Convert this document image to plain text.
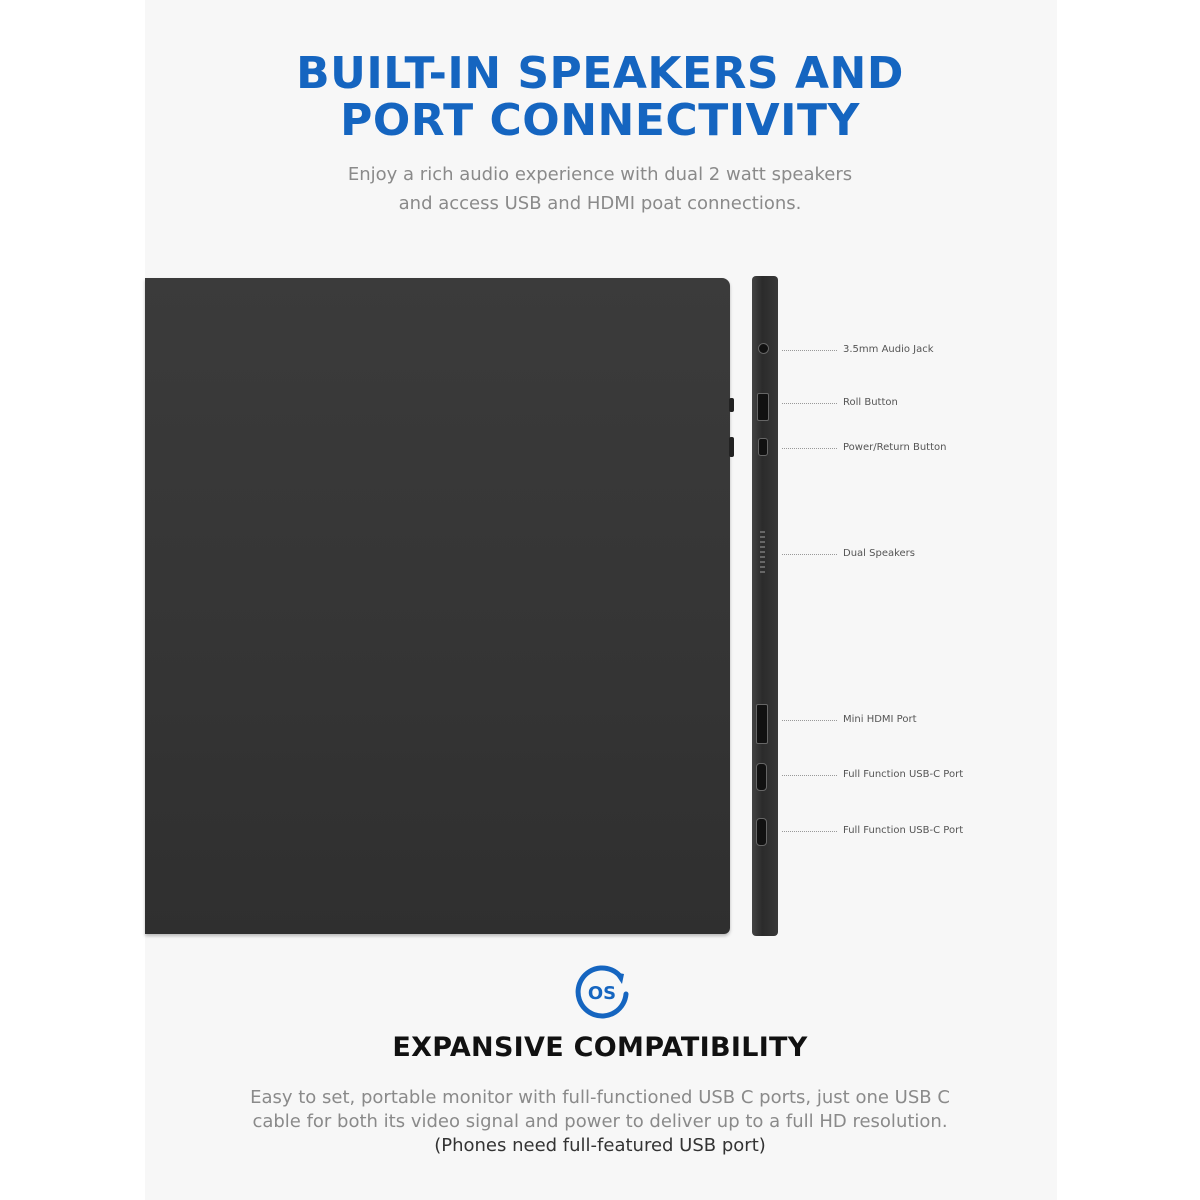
BUILT-IN SPEAKERS AND
PORT CONNECTIVITY
Enjoy a rich audio experience with dual 2 watt speakers
and access USB and HDMI poat connections.
3.5mm Audio Jack
Roll Button
Power/Return Button
Dual Speakers
Mini HDMI Port
Full Function USB-C Port
Full Function USB-C Port
OS
EXPANSIVE COMPATIBILITY
Easy to set, portable monitor with full-functioned USB C ports, just one USB C
cable for both its video signal and power to deliver up to a full HD resolution.
(Phones need full-featured USB port)
